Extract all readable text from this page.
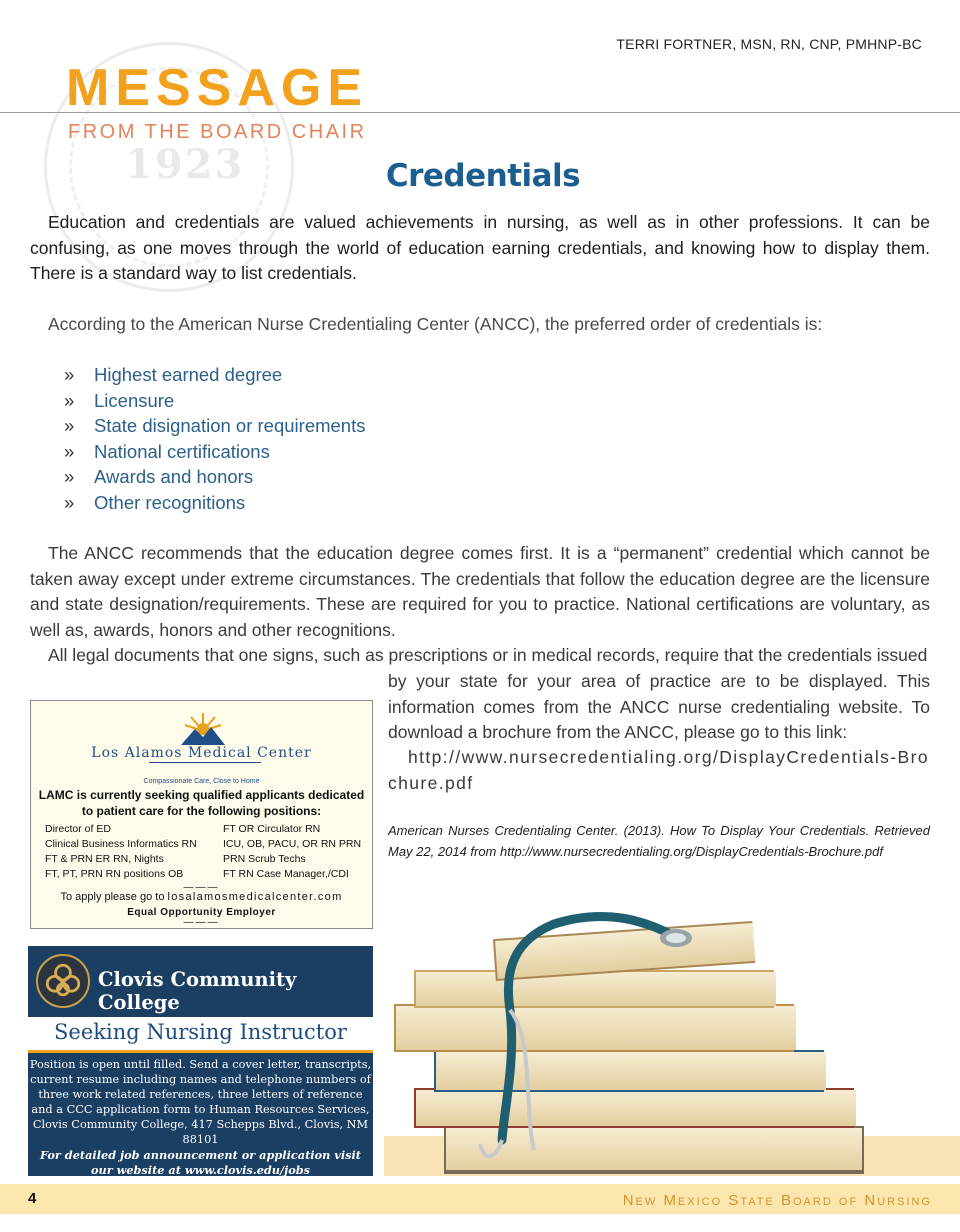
1923
TERRI FORTNER, MSN, RN, CNP, PMHNP-BC
MESSAGE
FROM THE BOARD CHAIR
Credentials

Education and credentials are valued achievements in nursing, as well as in other professions. It can be confusing, as one moves through the world of education earning credentials, and knowing how to display them. There is a standard way to list credentials.

According to the American Nurse Credentialing Center (ANCC), the preferred order of credentials is:

»	Highest earned degree
»	Licensure
»	State disignation or requirements
»	National certifications
»	Awards and honors
»	Other recognitions

The ANCC recommends that the education degree comes first. It is a “permanent” credential which cannot be taken away except under extreme circumstances. The credentials that follow the education degree are the licensure and state designation/requirements. These are required for you to practice. National certifications are voluntary, as well as, awards, honors and other recognitions.

All legal documents that one signs, such as prescriptions or in medical records, require that the credentials issued

by your state for your area of practice are to be displayed. This information comes from the ANCC nurse credentialing website. To download a brochure from the ANCC, please go to this link:

http://www.nursecredentialing.org/DisplayCredentials-Brochure.pdf

American Nurses Credentialing Center. (2013). How To Display Your Credentials. Retrieved May 22, 2014 from http://www.nursecredentialing.org/DisplayCredentials-Brochure.pdf

Los Alamos Medical Center
Compassionate Care, Close to Home
LAMC is currently seeking qualified applicants dedicated to patient care for the following positions:
Director of ED	FT OR Circulator RN
Clinical Business Informatics RN	ICU, OB, PACU, OR RN PRN
FT & PRN ER RN, Nights	PRN Scrub Techs
FT, PT, PRN RN positions OB	FT RN Case Manager,/CDI
———
To apply please go to losalamosmedicalcenter.com
Equal Opportunity Employer
———
Clovis Community College
Seeking Nursing Instructor
Position is open until filled. Send a cover letter, transcripts, current resume including names and telephone numbers of three work related references, three letters of reference and a CCC application form to Human Resources Services, Clovis Community College, 417 Schepps Blvd., Clovis, NM 88101
For detailed job announcement or application visit our website at www.clovis.edu/jobs
4	New Mexico State Board of Nursing
